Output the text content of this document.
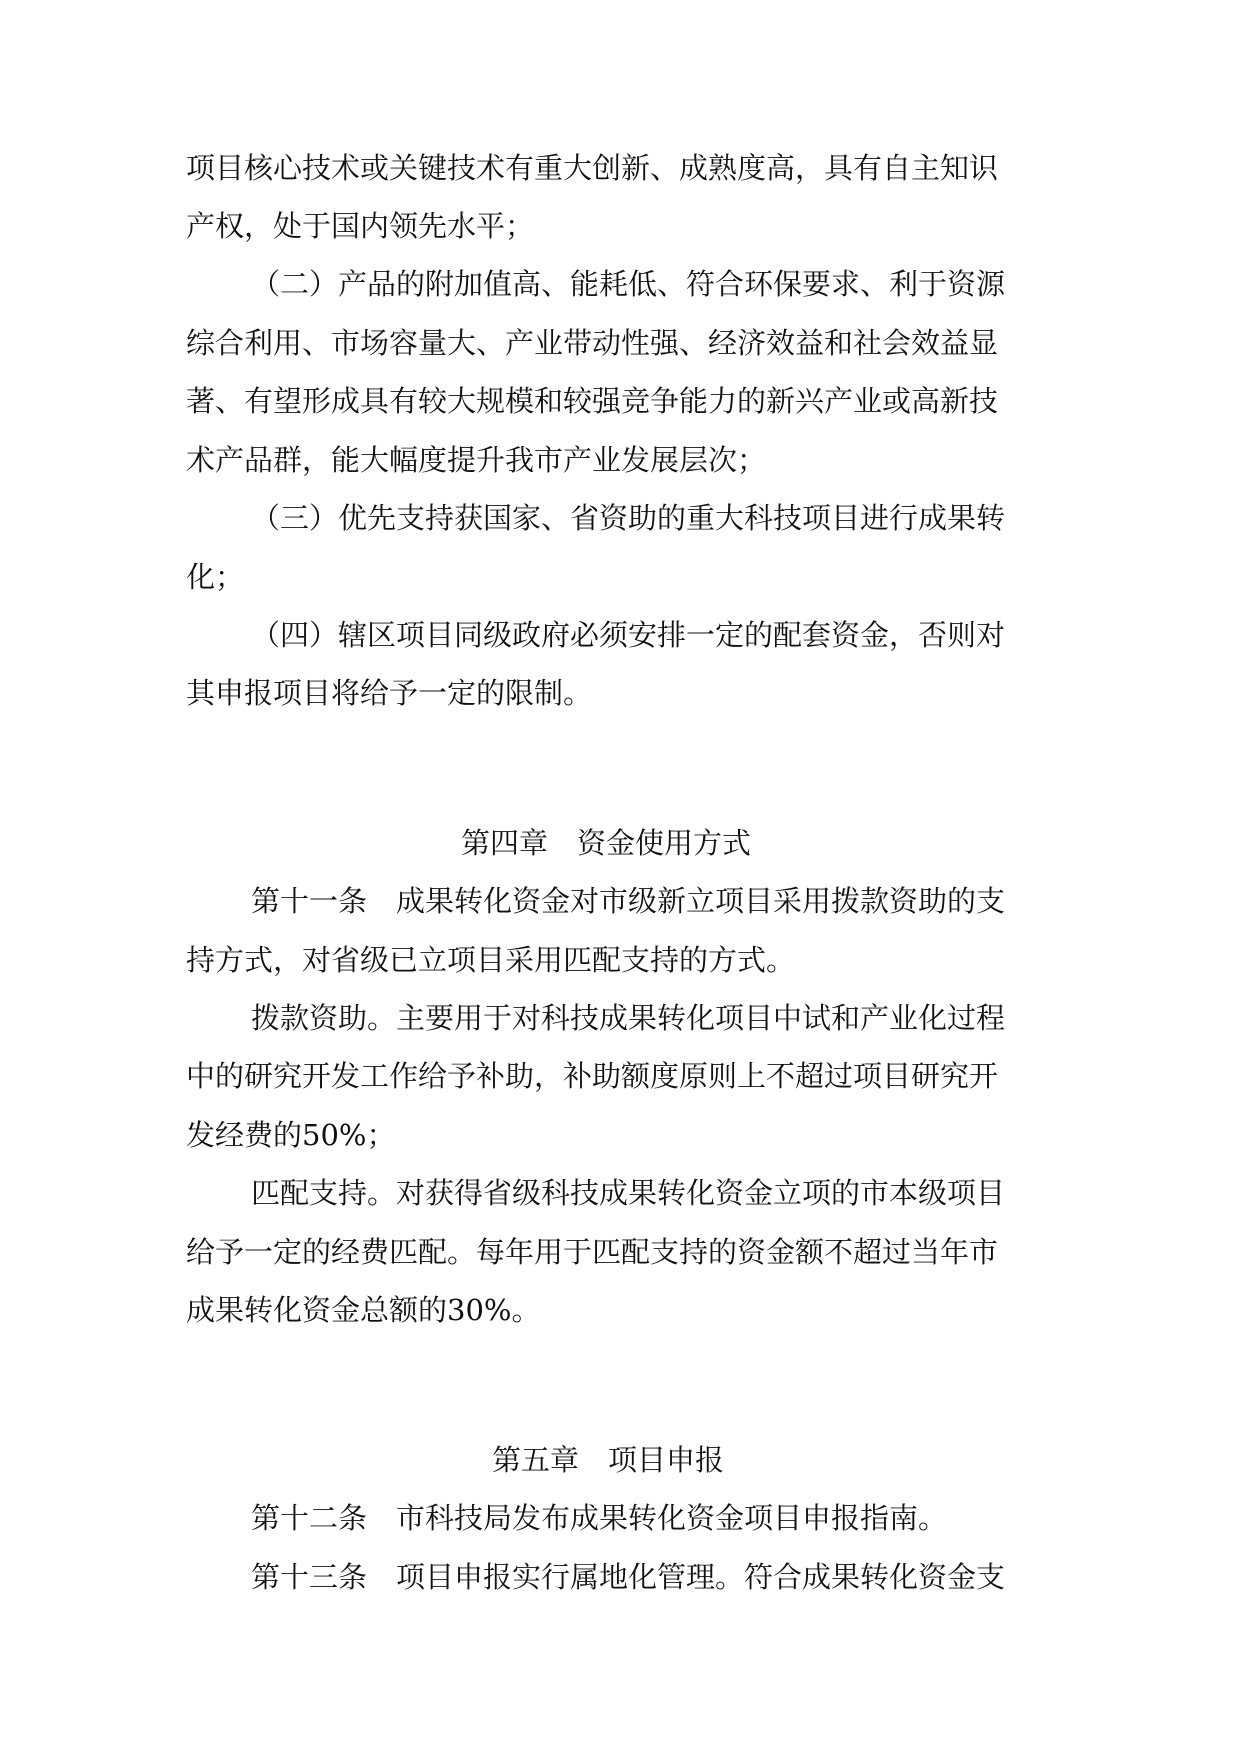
项目核心技术或关键技术有重大创新、成熟度高，具有自主知识
产权，处于国内领先水平；
（二）产品的附加值高、能耗低、符合环保要求、利于资源
综合利用、市场容量大、产业带动性强、经济效益和社会效益显
著、有望形成具有较大规模和较强竞争能力的新兴产业或高新技
术产品群，能大幅度提升我市产业发展层次；
（三）优先支持获国家、省资助的重大科技项目进行成果转
化；
（四）辖区项目同级政府必须安排一定的配套资金，否则对
其申报项目将给予一定的限制。
第四章　资金使用方式
第十一条 成果转化资金对市级新立项目采用拨款资助的支
持方式，对省级已立项目采用匹配支持的方式。
拨款资助。主要用于对科技成果转化项目中试和产业化过程
中的研究开发工作给予补助，补助额度原则上不超过项目研究开
发经费的50%；
匹配支持。对获得省级科技成果转化资金立项的市本级项目
给予一定的经费匹配。每年用于匹配支持的资金额不超过当年市
成果转化资金总额的30%。
第五章　项目申报
第十二条 市科技局发布成果转化资金项目申报指南。
第十三条 项目申报实行属地化管理。符合成果转化资金支
